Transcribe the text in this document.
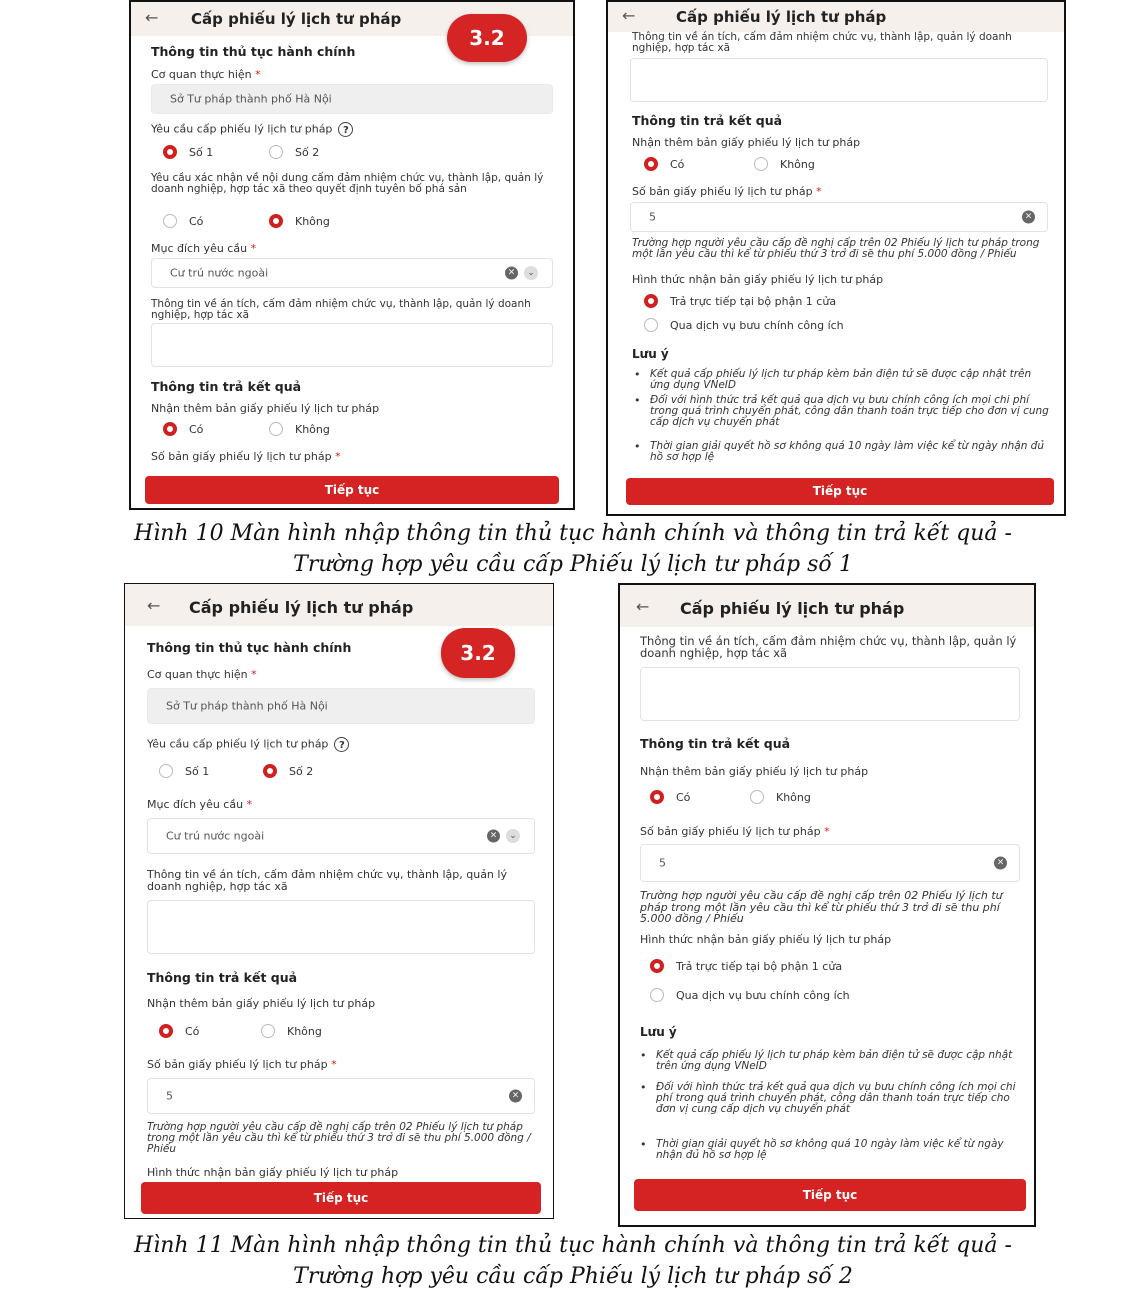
← Cấp phiếu lý lịch tư pháp
3.2
Thông tin thủ tục hành chính
Cơ quan thực hiện *
Sở Tư pháp thành phố Hà Nội
Yêu cầu cấp phiếu lý lịch tư pháp ?
Số 1	Số 2
Yêu cầu xác nhận về nội dung cấm đảm nhiệm chức vụ, thành lập, quản lý doanh nghiệp, hợp tác xã theo quyết định tuyên bố phá sản
Có	Không
Mục đích yêu cầu *
Cư trú nước ngoài	×	⌄
Thông tin về án tích, cấm đảm nhiệm chức vụ, thành lập, quản lý doanh nghiệp, hợp tác xã
Thông tin trả kết quả
Nhận thêm bản giấy phiếu lý lịch tư pháp
Có	Không
Số bản giấy phiếu lý lịch tư pháp *
Tiếp tục
←	Cấp phiếu lý lịch tư pháp
Thông tin về án tích, cấm đảm nhiệm chức vụ, thành lập, quản lý doanh nghiệp, hợp tác xã
Thông tin trả kết quả
Nhận thêm bản giấy phiếu lý lịch tư pháp
Có	Không
Số bản giấy phiếu lý lịch tư pháp *
5	×
Trường hợp người yêu cầu cấp đề nghị cấp trên 02 Phiếu lý lịch tư pháp trong một lần yêu cầu thì kể từ phiếu thứ 3 trở đi sẽ thu phí 5.000 đồng / Phiếu
Hình thức nhận bản giấy phiếu lý lịch tư pháp
Trả trực tiếp tại bộ phận 1 cửa
Qua dịch vụ bưu chính công ích
Lưu ý
• Kết quả cấp phiếu lý lịch tư pháp kèm bản điện tử sẽ được cập nhật trên ứng dụng VNeID
• Đối với hình thức trả kết quả qua dịch vụ bưu chính công ích mọi chi phí trong quá trình chuyển phát, công dân thanh toán trực tiếp cho đơn vị cung cấp dịch vụ chuyển phát
• Thời gian giải quyết hồ sơ không quá 10 ngày làm việc kể từ ngày nhận đủ hồ sơ hợp lệ
Tiếp tục
Hình 10 Màn hình nhập thông tin thủ tục hành chính và thông tin trả kết quả -
Trường hợp yêu cầu cấp Phiếu lý lịch tư pháp số 1
← Cấp phiếu lý lịch tư pháp
3.2
Thông tin thủ tục hành chính
Cơ quan thực hiện *
Sở Tư pháp thành phố Hà Nội
Yêu cầu cấp phiếu lý lịch tư pháp ?
Số 1	Số 2
Mục đích yêu cầu *
Cư trú nước ngoài	×	⌄
Thông tin về án tích, cấm đảm nhiệm chức vụ, thành lập, quản lý doanh nghiệp, hợp tác xã
Thông tin trả kết quả
Nhận thêm bản giấy phiếu lý lịch tư pháp
Có	Không
Số bản giấy phiếu lý lịch tư pháp *
5	×
Trường hợp người yêu cầu cấp đề nghị cấp trên 02 Phiếu lý lịch tư pháp trong một lần yêu cầu thì kể từ phiếu thứ 3 trở đi sẽ thu phí 5.000 đồng / Phiếu
Hình thức nhận bản giấy phiếu lý lịch tư pháp
Tiếp tục
← Cấp phiếu lý lịch tư pháp
Thông tin về án tích, cấm đảm nhiệm chức vụ, thành lập, quản lý doanh nghiệp, hợp tác xã
Thông tin trả kết quả
Nhận thêm bản giấy phiếu lý lịch tư pháp
Có	Không
Số bản giấy phiếu lý lịch tư pháp *
5	×
Trường hợp người yêu cầu cấp đề nghị cấp trên 02 Phiếu lý lịch tư pháp trong một lần yêu cầu thì kể từ phiếu thứ 3 trở đi sẽ thu phí 5.000 đồng / Phiếu
Hình thức nhận bản giấy phiếu lý lịch tư pháp
Trả trực tiếp tại bộ phận 1 cửa
Qua dịch vụ bưu chính công ích
Lưu ý
• Kết quả cấp phiếu lý lịch tư pháp kèm bản điện tử sẽ được cập nhật trên ứng dụng VNeID
• Đối với hình thức trả kết quả qua dịch vụ bưu chính công ích mọi chi phí trong quá trình chuyển phát, công dân thanh toán trực tiếp cho đơn vị cung cấp dịch vụ chuyển phát
• Thời gian giải quyết hồ sơ không quá 10 ngày làm việc kể từ ngày nhận đủ hồ sơ hợp lệ
Tiếp tục
Hình 11 Màn hình nhập thông tin thủ tục hành chính và thông tin trả kết quả -
Trường hợp yêu cầu cấp Phiếu lý lịch tư pháp số 2
